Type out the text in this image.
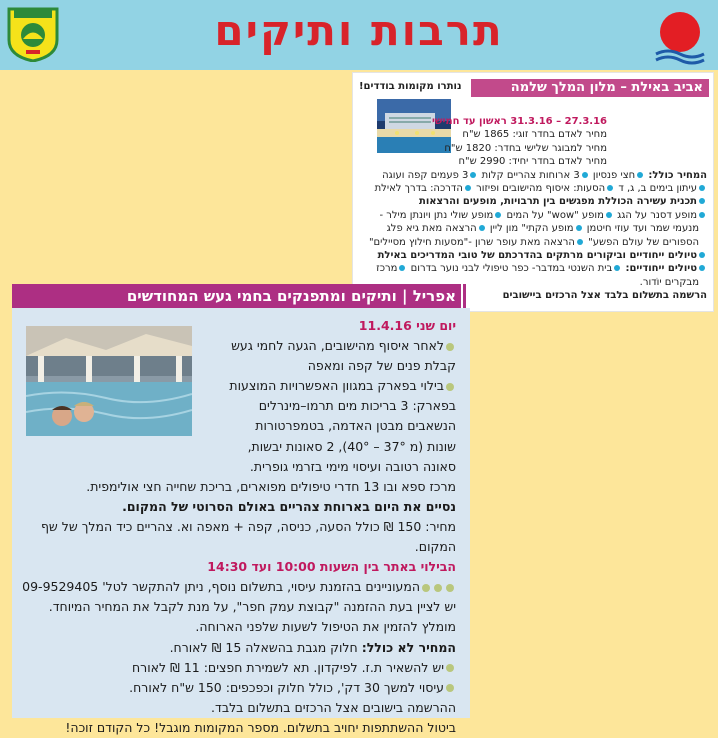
תרבות ותיקים
אביב באילת – מלון המלך שלמה
נותרו מקומות בודדים!
27.3.16 – 31.3.16 ראשון עד חמישי
מחיר לאדם בחדר זוגי: 1865 ש"ח
מחיר למבוגר שלישי בחדר: 1820 ש"ח
מחיר לאדם בחדר יחיד: 2990 ש"ח
המחיר כולל: חצי פנסיון 3 ארוחות צהריים קלות 3 פעמים קפה ועוגה
עיתון בימים ב, ג, ד הסעות: איסוף מהישובים ופיזור הדרכה: בדרך לאילת
תכנית עשירה הכוללת מפגשים בין תרבויות, מופעים והרצאות
מופע דסנר על הגג מופע "wow" על המים מופע שולי נתן ויונתן מילר -
מנעמי שמר ועד עוזי חיטמן מופע הקתי" מון ליין הרצאה מאת גיא פלג
הספורים של עולם הפשע" הרצאה מאת עופר שרון -"מסעות חילוץ מסיילים"
טיולים ייחודיים וביקורים מרתקים בהדרכתם של טובי המדריכים באילת
טיולים ייחודיים: בית השנטי במדבר- כפר טיפולי לבני נוער בדרום מרכז
מבקרים יוֹדור.
הרשמה בתשלום בלבד אצל הרכזים ביישובים
אפריל | ותיקים ומתפנקים בחמי געש המחודשים
יום שני 11.4.16
לאחר איסוף מהישובים, הגעה לחמי געש
קבלת פנים של קפה ומאפה
בילוי בפארק במגוון האפשרויות המוצעות
בפארק: 3 בריכות מים תרמו–מינרלים
הנשאבים מבטן האדמה, בטמפרטורות
שונות (מ 37° – 40°), 2 סאונות יבשות,
סאונה רטובה ועיסוי מימי בזרמי גופרית.
מרכז ספא ובו 13 חדרי טיפולים מפוארים, בריכת שחייה חצי אולימפית.
נסיים את היום בארוחת צהריים באולם הסרוטי של המקום.
מחיר: 150 ₪ כולל הסעה, כניסה, קפה + מאפה וא. צהריים כיד המלך של שף
המקום.
הבילוי באתר בין השעות 10:00 ועד 14:30
המעוניינים בהזמנת עיסוי, בתשלום נוסף, ניתן להתקשר לטל' 09-9529405
יש לציין בעת ההזמנה "קבוצת עמק חפר", על מנת לקבל את המחיר המיוחד.
מומלץ להזמין את הטיפול לשעות שלפני הארוחה.
המחיר לא כולל: חלוק מגבת בהשאלה 15 ₪ לאורח.
יש להשאיר ת.ז. לפיקדון. תא לשמירת חפצים: 11 ₪ לאורח
עיסוי למשך 30 דק', כולל חלוק וכפכפים: 150 ש"ח לאורח.
ההרשמה בישובים אצל הרכזים בתשלום בלבד.
ביטול ההשתתפות יחויב בתשלום. מספר המקומות מוגבל! כל הקודם זוכה!
